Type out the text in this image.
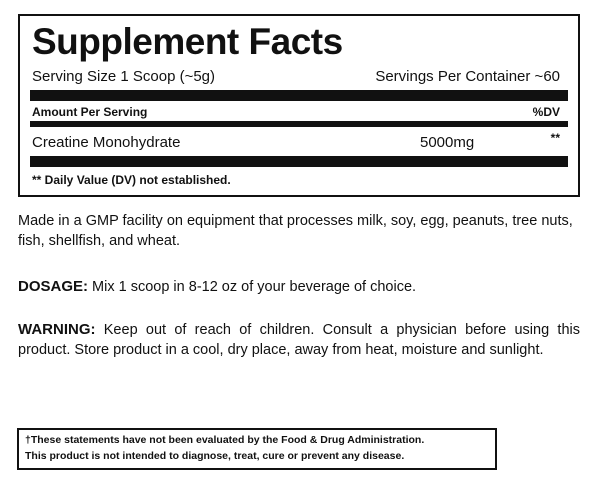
Supplement Facts
Serving Size 1 Scoop (~5g)	Servings Per Container ~60
Amount Per Serving	%DV
Creatine Monohydrate	5000mg	**
** Daily Value (DV) not established.
Made in a GMP facility on equipment that processes milk, soy, egg, peanuts, tree nuts, fish, shellfish, and wheat.
DOSAGE: Mix 1 scoop in 8-12 oz of your beverage of choice.
WARNING: Keep out of reach of children. Consult a physician before using this product. Store product in a cool, dry place, away from heat, moisture and sunlight.
†These statements have not been evaluated by the Food & Drug Administration.
This product is not intended to diagnose, treat, cure or prevent any disease.
